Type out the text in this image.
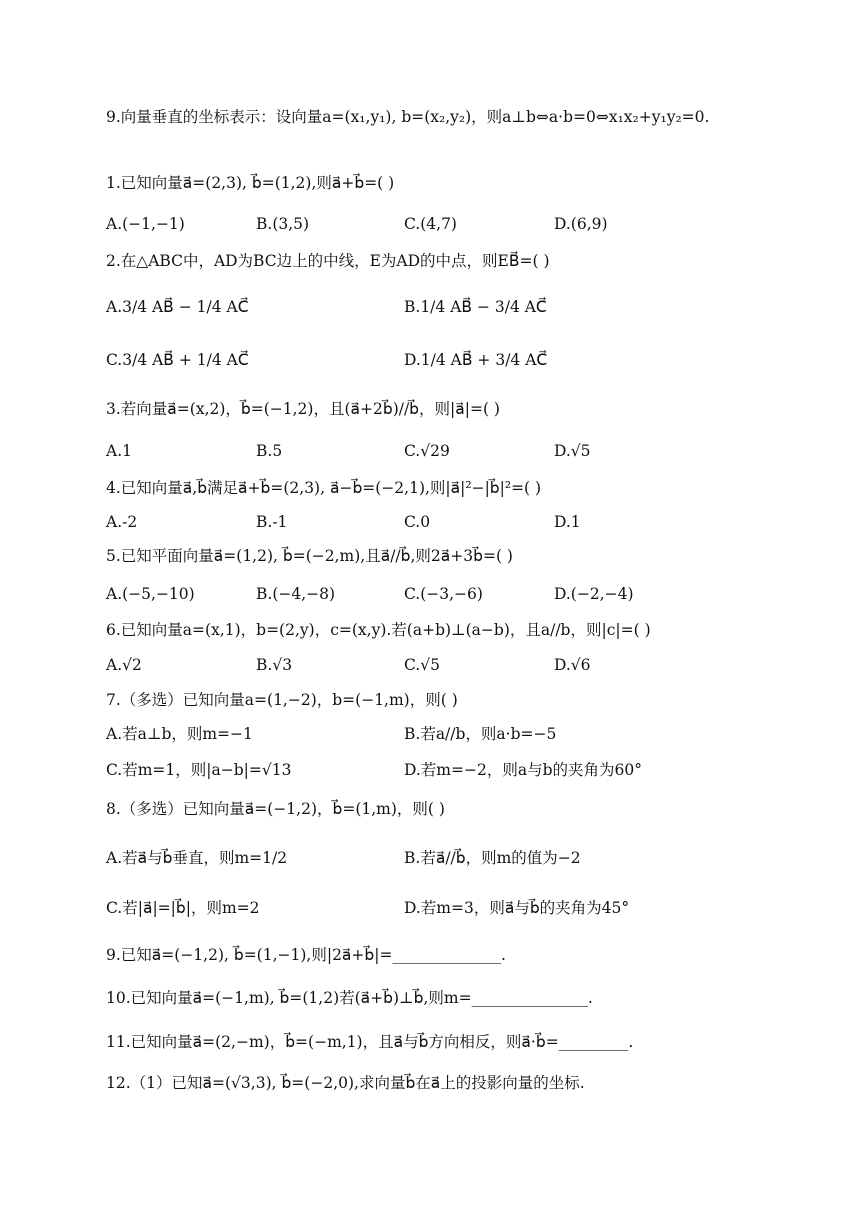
9.向量垂直的坐标表示：设向量a=(x₁,y₁), b=(x₂,y₂)，则a⊥b⇔a·b=0⇔x₁x₂+y₁y₂=0.
1.已知向量a⃗=(2,3), b⃗=(1,2),则a⃗+b⃗=( )
A.(−1,−1)	B.(3,5)	C.(4,7)	D.(6,9)
2.在△ABC中，AD为BC边上的中线，E为AD的中点，则EB⃗=( )
A.3/4 AB⃗ − 1/4 AC⃗	B.1/4 AB⃗ − 3/4 AC⃗
C.3/4 AB⃗ + 1/4 AC⃗	D.1/4 AB⃗ + 3/4 AC⃗
3.若向量a⃗=(x,2)，b⃗=(−1,2)，且(a⃗+2b⃗)//b⃗，则|a⃗|=( )
A.1	B.5	C.√29	D.√5
4.已知向量a⃗,b⃗满足a⃗+b⃗=(2,3), a⃗−b⃗=(−2,1),则|a⃗|²−|b⃗|²=( )
A.-2	B.-1	C.0	D.1
5.已知平面向量a⃗=(1,2), b⃗=(−2,m),且a⃗//b⃗,则2a⃗+3b⃗=( )
A.(−5,−10)	B.(−4,−8)	C.(−3,−6)	D.(−2,−4)
6.已知向量a=(x,1)，b=(2,y)，c=(x,y).若(a+b)⊥(a−b)，且a//b，则|c|=( )
A.√2	B.√3	C.√5	D.√6
7.（多选）已知向量a=(1,−2)，b=(−1,m)，则( )
A.若a⊥b，则m=−1	B.若a//b，则a·b=−5
C.若m=1，则|a−b|=√13	D.若m=−2，则a与b的夹角为60°
8.（多选）已知向量a⃗=(−1,2)，b⃗=(1,m)，则( )
A.若a⃗与b⃗垂直，则m=1/2	B.若a⃗//b⃗，则m的值为−2
C.若|a⃗|=|b⃗|，则m=2	D.若m=3，则a⃗与b⃗的夹角为45°
9.已知a⃗=(−1,2), b⃗=(1,−1),则|2a⃗+b⃗|=______________.
10.已知向量a⃗=(−1,m), b⃗=(1,2)若(a⃗+b⃗)⊥b⃗,则m=_______________.
11.已知向量a⃗=(2,−m)，b⃗=(−m,1)，且a⃗与b⃗方向相反，则a⃗·b⃗=_________.
12.（1）已知a⃗=(√3,3), b⃗=(−2,0),求向量b⃗在a⃗上的投影向量的坐标.
